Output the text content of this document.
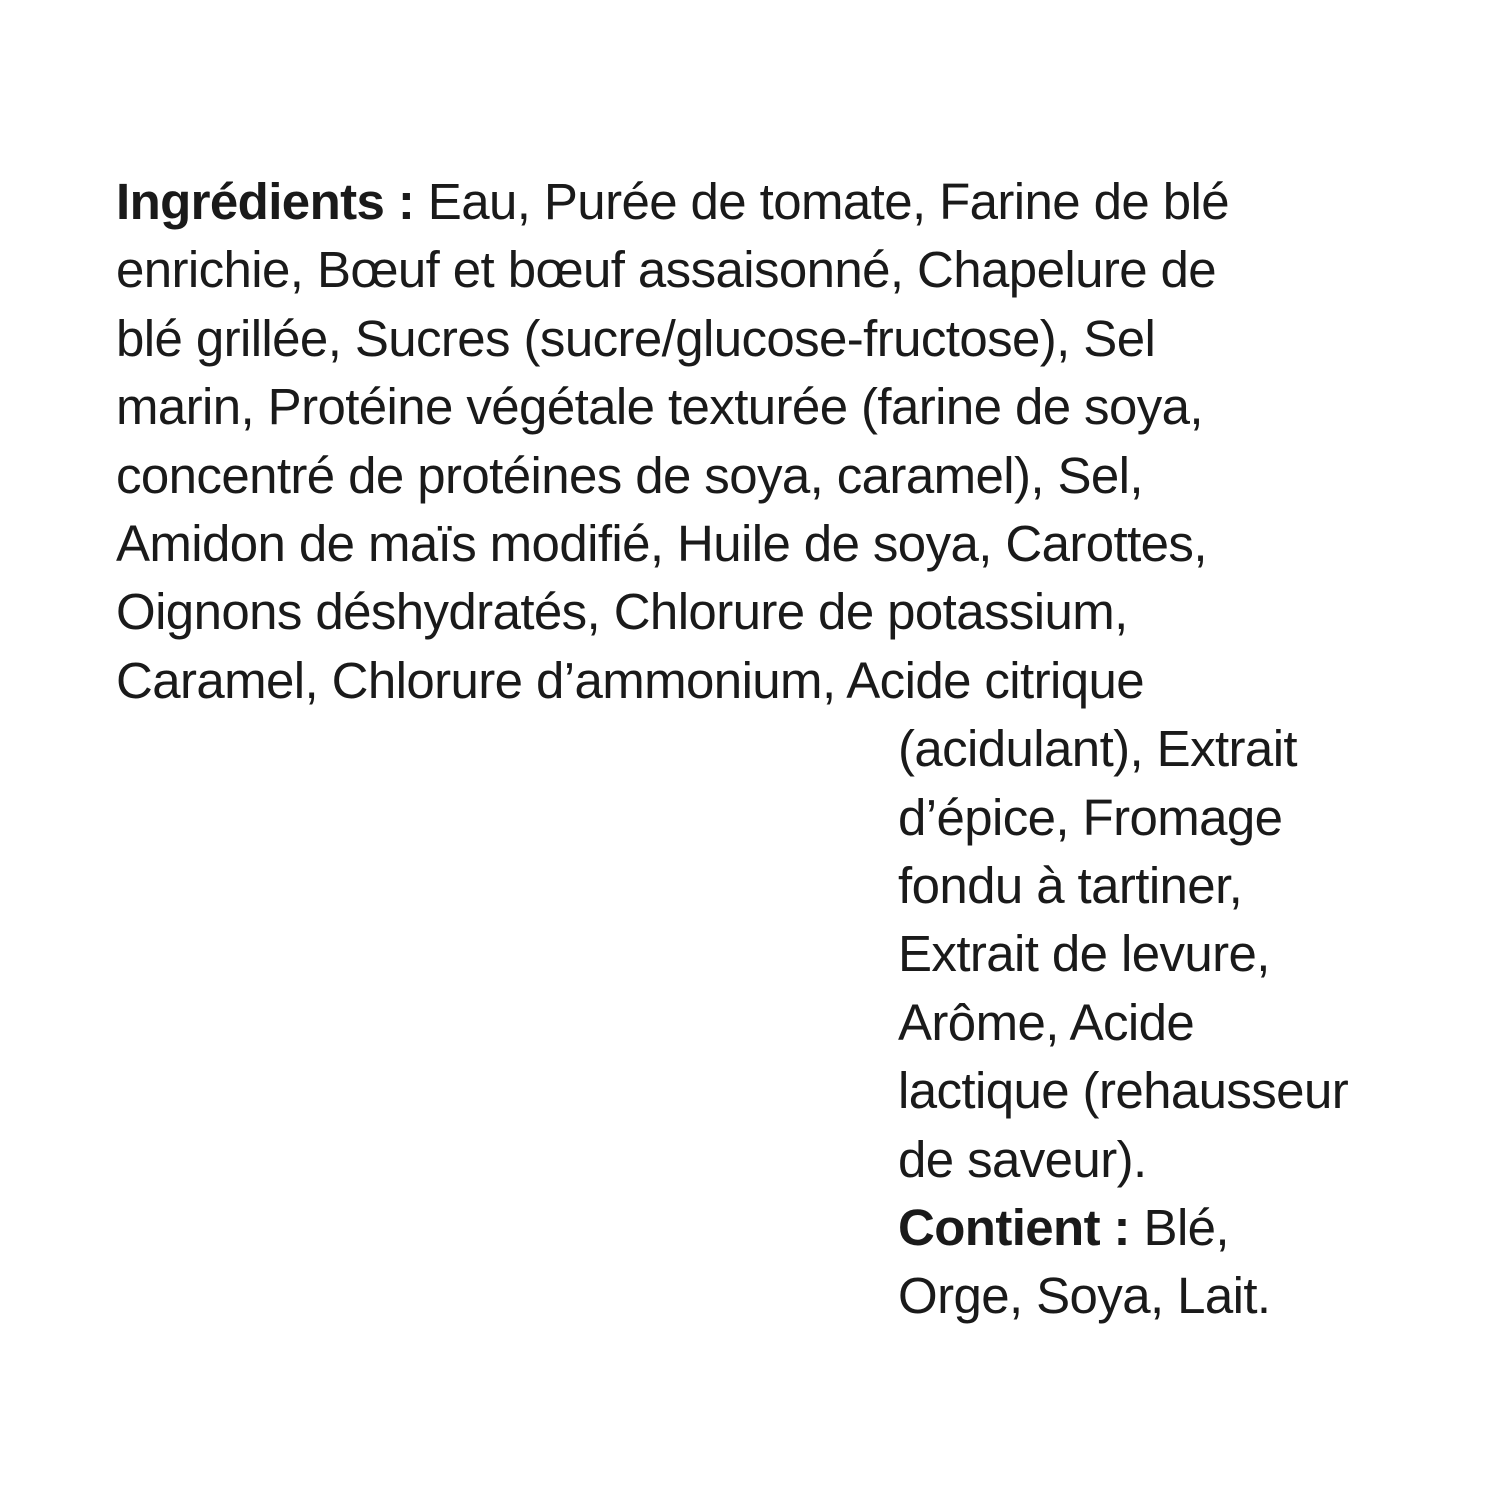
Ingrédients : Eau, Purée de tomate, Farine de blé
enrichie, Bœuf et bœuf assaisonné, Chapelure de
blé grillée, Sucres (sucre/glucose-fructose), Sel
marin, Protéine végétale texturée (farine de soya,
concentré de protéines de soya, caramel), Sel,
Amidon de maïs modifié, Huile de soya, Carottes,
Oignons déshydratés, Chlorure de potassium,
Caramel, Chlorure d’ammonium, Acide citrique
(acidulant), Extrait
d’épice, Fromage
fondu à tartiner,
Extrait de levure,
Arôme, Acide
lactique (rehausseur
de saveur).
Contient : Blé,
Orge, Soya, Lait.
